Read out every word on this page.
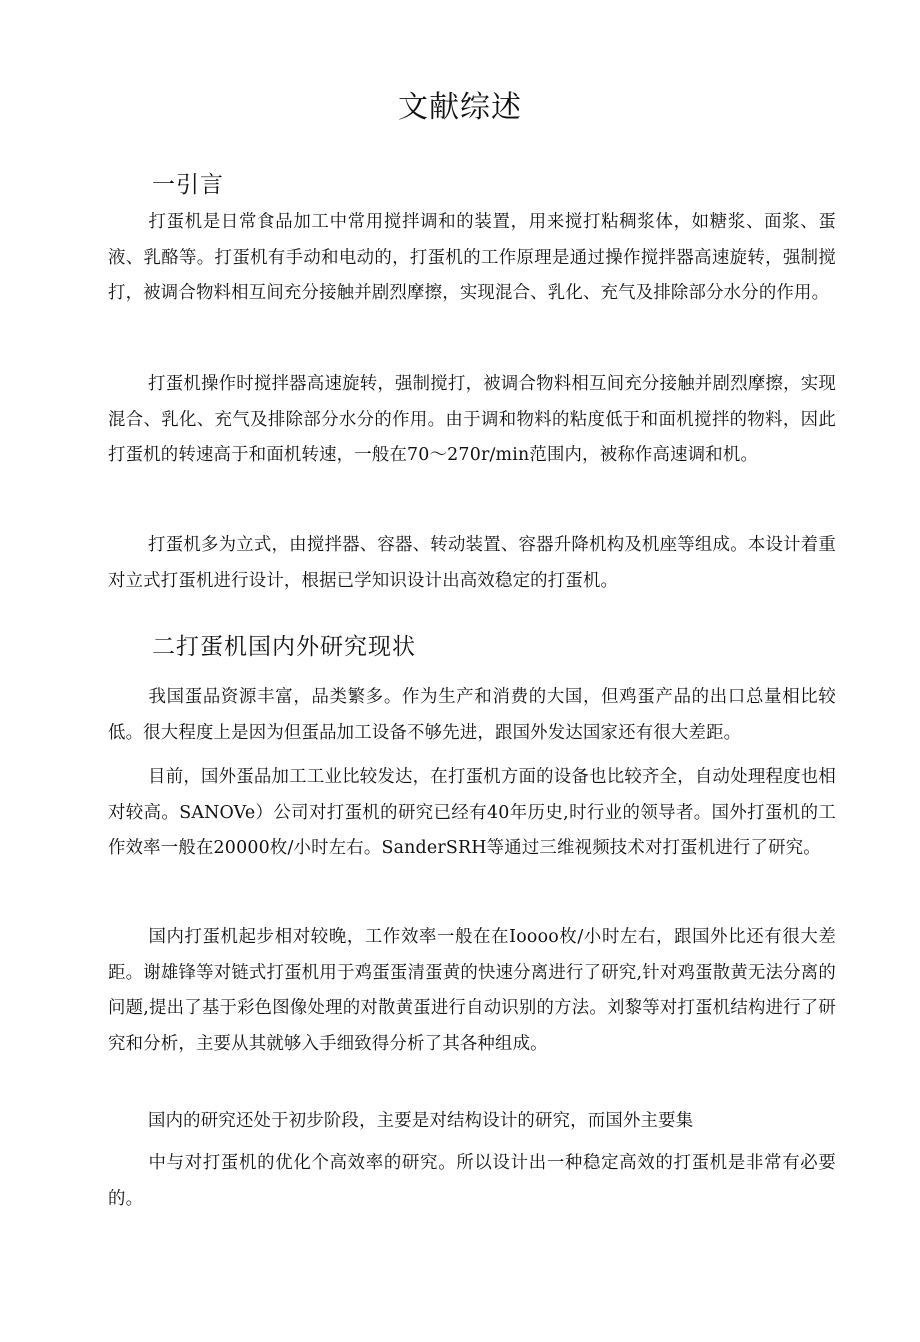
文献综述
一引言
打蛋机是日常食品加工中常用搅拌调和的装置，用来搅打粘稠浆体，如糖浆、面浆、蛋液、乳酪等。打蛋机有手动和电动的，打蛋机的工作原理是通过操作搅拌器高速旋转，强制搅打，被调合物料相互间充分接触并剧烈摩擦，实现混合、乳化、充气及排除部分水分的作用。
打蛋机操作时搅拌器高速旋转，强制搅打，被调合物料相互间充分接触并剧烈摩擦，实现混合、乳化、充气及排除部分水分的作用。由于调和物料的粘度低于和面机搅拌的物料，因此打蛋机的转速高于和面机转速，一般在70～270r∕min范围内，被称作高速调和机。
打蛋机多为立式，由搅拌器、容器、转动装置、容器升降机构及机座等组成。本设计着重对立式打蛋机进行设计，根据已学知识设计出高效稳定的打蛋机。
二打蛋机国内外研究现状
我国蛋品资源丰富，品类繁多。作为生产和消费的大国，但鸡蛋产品的出口总量相比较低。很大程度上是因为但蛋品加工设备不够先进，跟国外发达国家还有很大差距。
目前，国外蛋品加工工业比较发达，在打蛋机方面的设备也比较齐全，自动处理程度也相对较高。SANOVe）公司对打蛋机的研究已经有40年历史,时行业的领导者。国外打蛋机的工作效率一般在20000枚/小时左右。SanderSRH等通过三维视频技术对打蛋机进行了研究。
国内打蛋机起步相对较晚，工作效率一般在在Ioooo枚/小时左右，跟国外比还有很大差距。谢雄锋等对链式打蛋机用于鸡蛋蛋清蛋黄的快速分离进行了研究,针对鸡蛋散黄无法分离的问题,提出了基于彩色图像处理的对散黄蛋进行自动识别的方法。刘黎等对打蛋机结构进行了研究和分析，主要从其就够入手细致得分析了其各种组成。
国内的研究还处于初步阶段，主要是对结构设计的研究，而国外主要集
中与对打蛋机的优化个高效率的研究。所以设计出一种稳定高效的打蛋机是非常有必要的。
